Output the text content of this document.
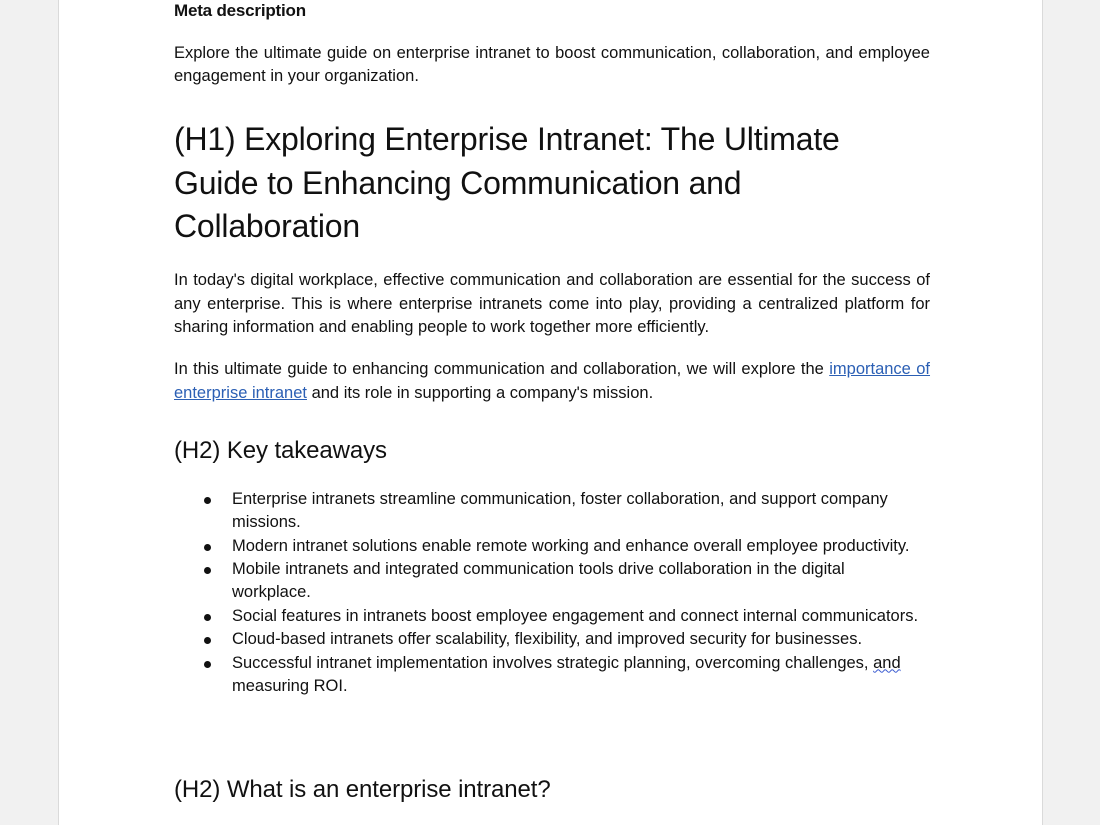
Meta description

Explore the ultimate guide on enterprise intranet to boost communication, collaboration, and employee engagement in your organization.

(H1) Exploring Enterprise Intranet: The Ultimate Guide to Enhancing Communication and Collaboration

In today's digital workplace, effective communication and collaboration are essential for the success of any enterprise. This is where enterprise intranets come into play, providing a centralized platform for sharing information and enabling people to work together more efficiently.

In this ultimate guide to enhancing communication and collaboration, we will explore the importance of enterprise intranet and its role in supporting a company's mission.

(H2) Key takeaways
Enterprise intranets streamline communication, foster collaboration, and support company missions.
Modern intranet solutions enable remote working and enhance overall employee productivity.
Mobile intranets and integrated communication tools drive collaboration in the digital workplace.
Social features in intranets boost employee engagement and connect internal communicators.
Cloud-based intranets offer scalability, flexibility, and improved security for businesses.
Successful intranet implementation involves strategic planning, overcoming challenges, and measuring ROI.
(H2) What is an enterprise intranet?
